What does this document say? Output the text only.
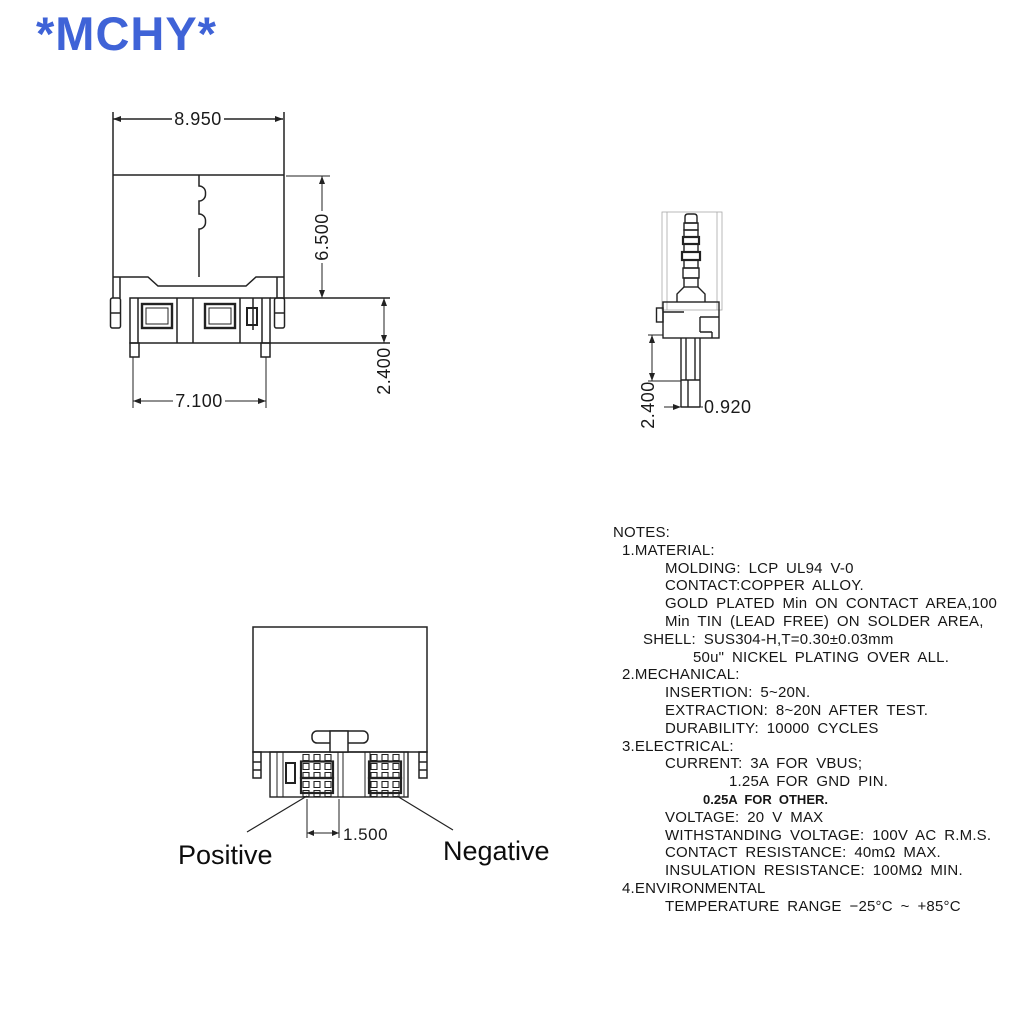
*MCHY*
8.950
6.500
2.400
7.100	2.400	0.920
1.500
Positive	Negative
NOTES:
1.MATERIAL:
MOLDING: LCP UL94 V-0
CONTACT:COPPER ALLOY.
GOLD PLATED Min ON CONTACT AREA,100
Min TIN (LEAD FREE) ON SOLDER AREA,
SHELL: SUS304-H,T=0.30±0.03mm
50u" NICKEL PLATING OVER ALL.
2.MECHANICAL:
INSERTION: 5~20N.
EXTRACTION: 8~20N AFTER TEST.
DURABILITY: 10000 CYCLES
3.ELECTRICAL:
CURRENT: 3A FOR VBUS;
1.25A FOR GND PIN.
0.25A FOR OTHER.
VOLTAGE: 20 V MAX
WITHSTANDING VOLTAGE: 100V AC R.M.S.
CONTACT RESISTANCE: 40mΩ MAX.
INSULATION RESISTANCE: 100MΩ MIN.
4.ENVIRONMENTAL
TEMPERATURE RANGE −25°C ~ +85°C
